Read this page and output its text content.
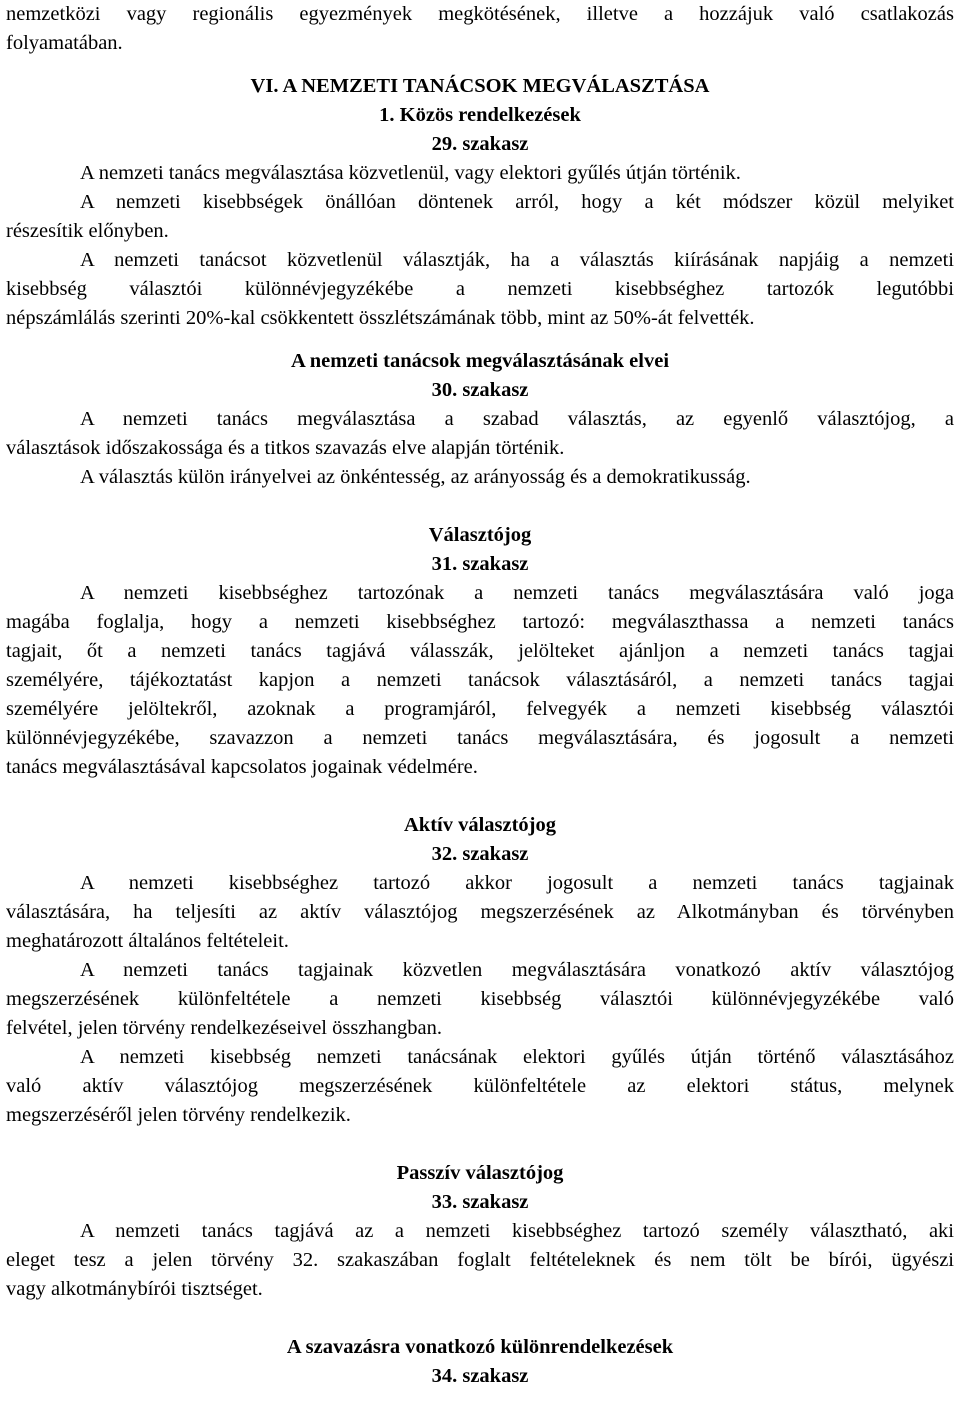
nemzetközi vagy regionális egyezmények megkötésének, illetve a hozzájuk való csatlakozás

folyamatában.

VI. A NEMZETI TANÁCSOK MEGVÁLASZTÁSA

1. Közös rendelkezések

29. szakasz

A nemzeti tanács megválasztása közvetlenül, vagy elektori gyűlés útján történik.

A nemzeti kisebbségek önállóan döntenek arról, hogy a két módszer közül melyiket

részesítik előnyben.

A nemzeti tanácsot közvetlenül választják, ha a választás kiírásának napjáig a nemzeti

kisebbség választói különnévjegyzékébe a nemzeti kisebbséghez tartozók legutóbbi

népszámlálás szerinti 20%-kal csökkentett összlétszámának több, mint az 50%-át felvették.

A nemzeti tanácsok megválasztásának elvei

30. szakasz

A nemzeti tanács megválasztása a szabad választás, az egyenlő választójog, a

választások időszakossága és a titkos szavazás elve alapján történik.

A választás külön irányelvei az önkéntesség, az arányosság és a demokratikusság.

Választójog

31. szakasz

A nemzeti kisebbséghez tartozónak a nemzeti tanács megválasztására való joga

magába foglalja, hogy a nemzeti kisebbséghez tartozó: megválaszthassa a nemzeti tanács

tagjait, őt a nemzeti tanács tagjává válasszák, jelölteket ajánljon a nemzeti tanács tagjai

személyére, tájékoztatást kapjon a nemzeti tanácsok választásáról, a nemzeti tanács tagjai

személyére jelöltekről, azoknak a programjáról, felvegyék a nemzeti kisebbség választói

különnévjegyzékébe, szavazzon a nemzeti tanács megválasztására, és jogosult a nemzeti

tanács megválasztásával kapcsolatos jogainak védelmére.

Aktív választójog

32. szakasz

A nemzeti kisebbséghez tartozó akkor jogosult a nemzeti tanács tagjainak

választására, ha teljesíti az aktív választójog megszerzésének az Alkotmányban és törvényben

meghatározott általános feltételeit.

A nemzeti tanács tagjainak közvetlen megválasztására vonatkozó aktív választójog

megszerzésének különfeltétele a nemzeti kisebbség választói különnévjegyzékébe való

felvétel, jelen törvény rendelkezéseivel összhangban.

A nemzeti kisebbség nemzeti tanácsának elektori gyűlés útján történő választásához

való aktív választójog megszerzésének különfeltétele az elektori státus, melynek

megszerzéséről jelen törvény rendelkezik.

Passzív választójog

33. szakasz

A nemzeti tanács tagjává az a nemzeti kisebbséghez tartozó személy választható, aki

eleget tesz a jelen törvény 32. szakaszában foglalt feltételeknek és nem tölt be bírói, ügyészi

vagy alkotmánybírói tisztséget.

A szavazásra vonatkozó különrendelkezések

34. szakasz
